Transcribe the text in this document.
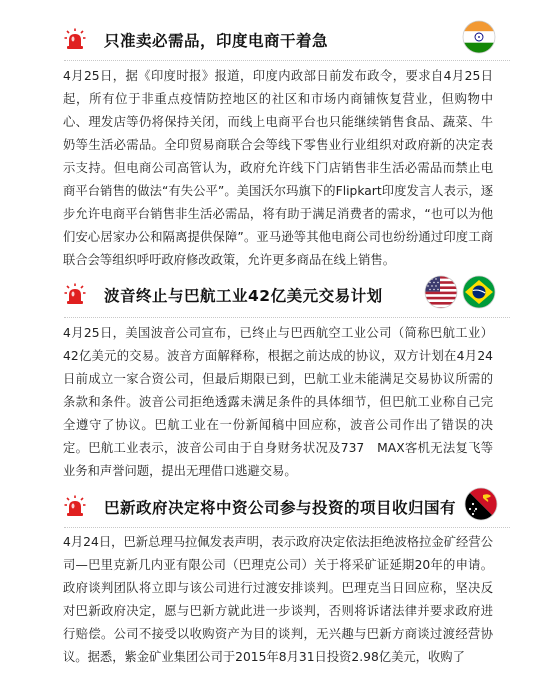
只准卖必需品，印度电商干着急

4月25日，据《印度时报》报道，印度内政部日前发布政令，要求自4月25日起，所有位于非重点疫情防控地区的社区和市场内商铺恢复营业，但购物中心、理发店等仍将保持关闭，而线上电商平台也只能继续销售食品、蔬菜、牛奶等生活必需品。全印贸易商联合会等线下零售业行业组织对政府新的决定表示支持。但电商公司高管认为，政府允许线下门店销售非生活必需品而禁止电商平台销售的做法“有失公平”。美国沃尔玛旗下的Flipkart印度发言人表示，逐步允许电商平台销售非生活必需品，将有助于满足消费者的需求，“也可以为他们安心居家办公和隔离提供保障”。亚马逊等其他电商公司也纷纷通过印度工商联合会等组织呼吁政府修改政策，允许更多商品在线上销售。

波音终止与巴航工业42亿美元交易计划

4月25日，美国波音公司宣布，已终止与巴西航空工业公司（简称巴航工业）42亿美元的交易。波音方面解释称，根据之前达成的协议，双方计划在4月24日前成立一家合资公司，但最后期限已到，巴航工业未能满足交易协议所需的条款和条件。波音公司拒绝透露未满足条件的具体细节，但巴航工业称自己完全遵守了协议。巴航工业在一份新闻稿中回应称，波音公司作出了错误的决定。巴航工业表示，波音公司由于自身财务状况及737　MAX客机无法复飞等业务和声誉问题，提出无理借口逃避交易。

巴新政府决定将中资公司参与投资的项目收归国有

4月24日，巴新总理马拉佩发表声明，表示政府决定依法拒绝波格拉金矿经营公司—巴里克新几内亚有限公司（巴理克公司）关于将采矿证延期20年的申请。政府谈判团队将立即与该公司进行过渡安排谈判。巴理克当日回应称，坚决反对巴新政府决定，愿与巴新方就此进一步谈判，否则将诉诸法律并要求政府进行赔偿。公司不接受以收购资产为目的谈判，无兴趣与巴新方商谈过渡经营协议。据悉，紫金矿业集团公司于2015年8月31日投资2.98亿美元，收购了
